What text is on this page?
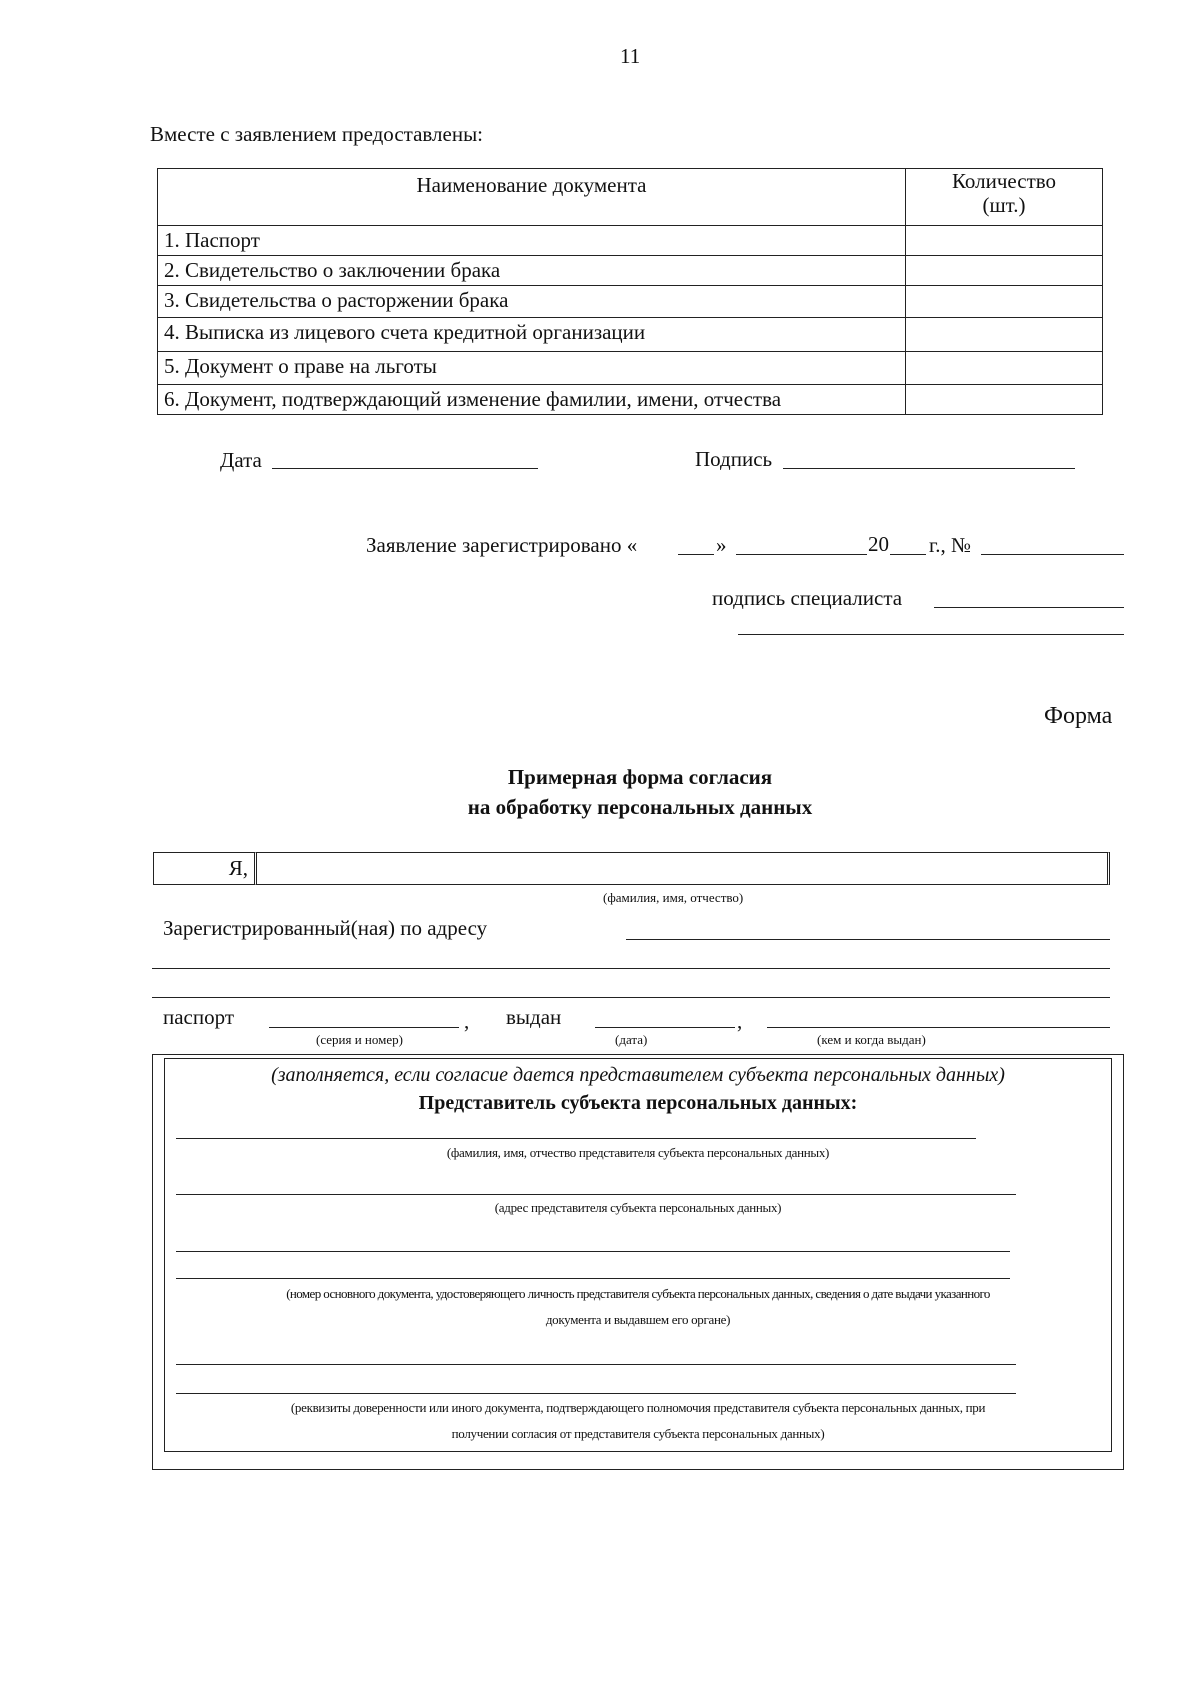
11
Вместе с заявлением предоставлены:
Наименование документа	Количество
(шт.)

1. Паспорт	
2. Свидетельство о заключении брака	
3. Свидетельства о расторжении брака	
4. Выписка из лицевого счета кредитной организации	
5. Документ о праве на льготы	
6. Документ, подтверждающий изменение фамилии, имени, отчества	
Дата	Подпись
Заявление зарегистрировано «	»	20 г., №
подпись специалиста
Форма
Примерная форма согласия
на обработку персональных данных
Я,
(фамилия, имя, отчество)
Зарегистрированный(ная) по адресу
паспорт	, выдан	,
(серия и номер)	(дата)	(кем и когда выдан)
(заполняется, если согласие дается представителем субъекта персональных данных)
Представитель субъекта персональных данных:
(фамилия, имя, отчество представителя субъекта персональных данных)
(адрес представителя субъекта персональных данных)
(номер основного документа, удостоверяющего личность представителя субъекта персональных данных, сведения о дате выдачи указанного
документа и выдавшем его органе)
(реквизиты доверенности или иного документа, подтверждающего полномочия представителя субъекта персональных данных, при
получении согласия от представителя субъекта персональных данных)
